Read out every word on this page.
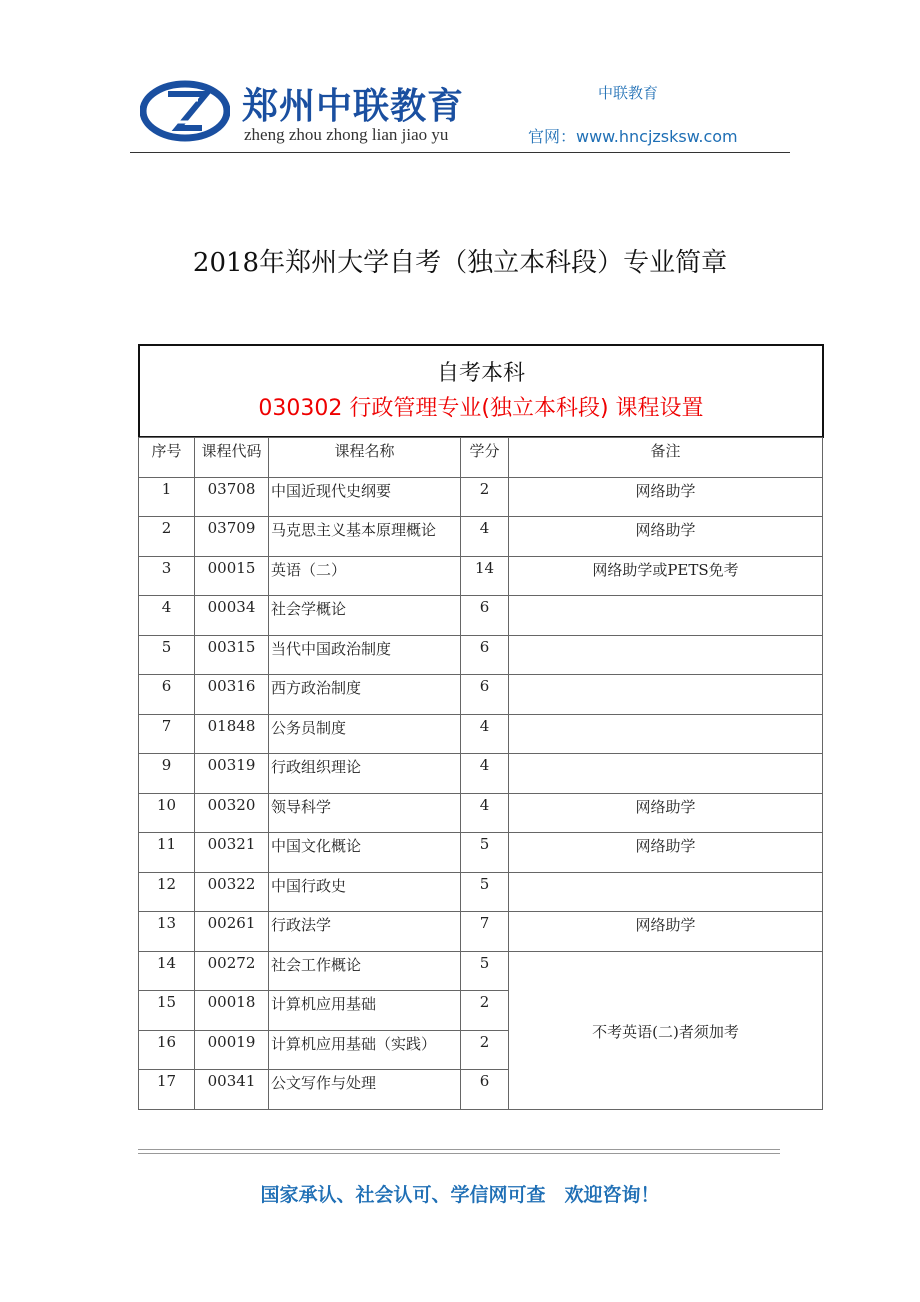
郑州中联教育
zheng zhou zhong lian jiao yu
中联教育
官网：www.hncjzsksw.com
2018年郑州大学自考（独立本科段）专业简章
自考本科
030302 行政管理专业(独立本科段) 课程设置
序号	课程代码	课程名称	学分	备注
1	03708	中国近现代史纲要	2	网络助学
2	03709	马克思主义基本原理概论	4	网络助学
3	00015	英语（二）	14	网络助学或PETS免考
4	00034	社会学概论	6	
5	00315	当代中国政治制度	6	
6	00316	西方政治制度	6	
7	01848	公务员制度	4	
9	00319	行政组织理论	4	
10	00320	领导科学	4	网络助学
11	00321	中国文化概论	5	网络助学
12	00322	中国行政史	5	
13	00261	行政法学	7	网络助学
14	00272	社会工作概论	5	不考英语(二)者须加考
15	00018	计算机应用基础	2	
16	00019	计算机应用基础（实践）	2	
17	00341	公文写作与处理	6	
国家承认、社会认可、学信网可查　欢迎咨询！
